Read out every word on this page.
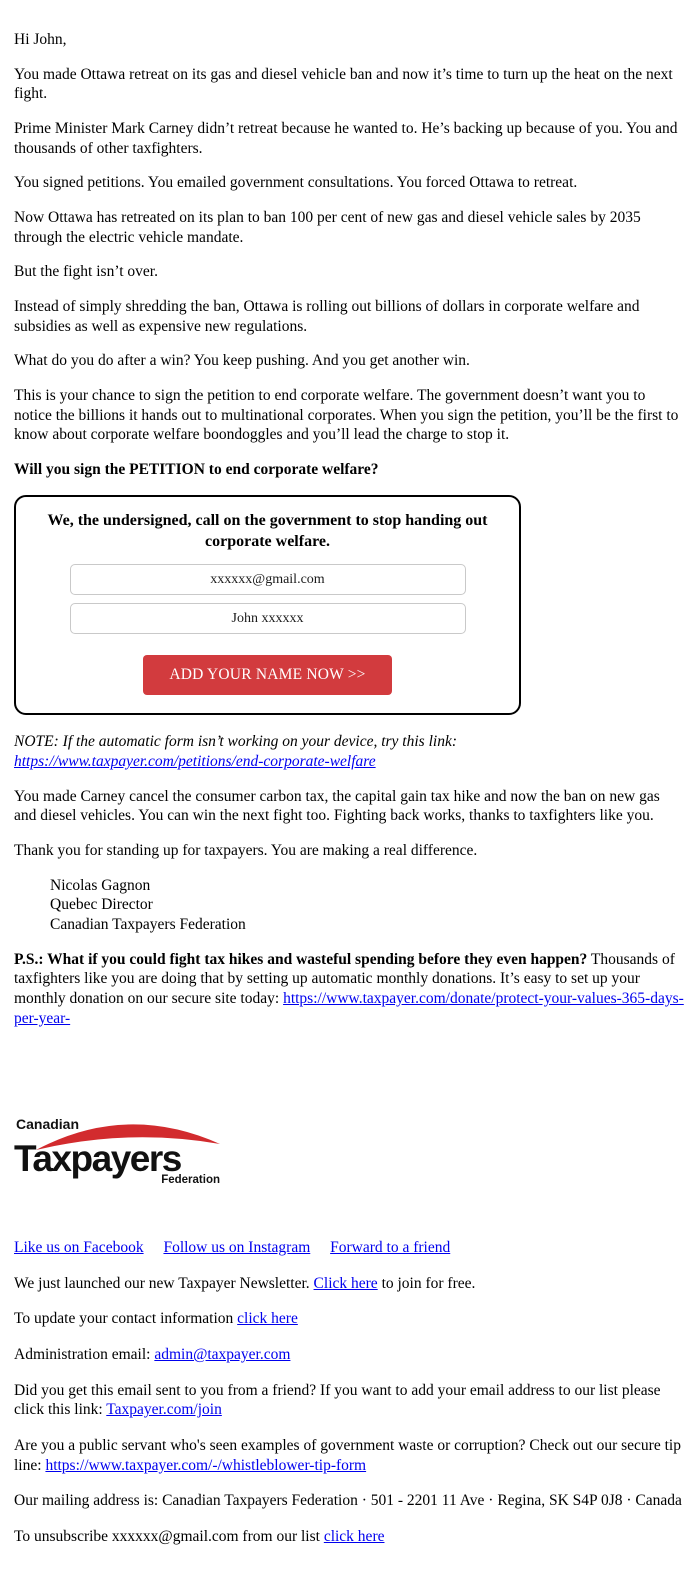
Hi John,

You made Ottawa retreat on its gas and diesel vehicle ban and now it’s time to turn up the heat on the next fight.

Prime Minister Mark Carney didn’t retreat because he wanted to. He’s backing up because of you. You and thousands of other taxfighters.

You signed petitions. You emailed government consultations. You forced Ottawa to retreat.

Now Ottawa has retreated on its plan to ban 100 per cent of new gas and diesel vehicle sales by 2035 through the electric vehicle mandate.

But the fight isn’t over.

Instead of simply shredding the ban, Ottawa is rolling out billions of dollars in corporate welfare and subsidies as well as expensive new regulations.

What do you do after a win? You keep pushing. And you get another win.

This is your chance to sign the petition to end corporate welfare. The government doesn’t want you to notice the billions it hands out to multinational corporates. When you sign the petition, you’ll be the first to know about corporate welfare boondoggles and you’ll lead the charge to stop it.

Will you sign the PETITION to end corporate welfare?

We, the undersigned, call on the government to stop handing out corporate welfare.
xxxxxx@gmail.com
John xxxxxx ADD YOUR NAME NOW >>

NOTE: If the automatic form isn’t working on your device, try this link: https://www.taxpayer.com/petitions/end-corporate-welfare

You made Carney cancel the consumer carbon tax, the capital gain tax hike and now the ban on new gas and diesel vehicles. You can win the next fight too. Fighting back works, thanks to taxfighters like you.

Thank you for standing up for taxpayers. You are making a real difference.

Nicolas Gagnon
Quebec Director
Canadian Taxpayers Federation

P.S.: What if you could fight tax hikes and wasteful spending before they even happen? Thousands of taxfighters like you are doing that by setting up automatic monthly donations. It’s easy to set up your monthly donation on our secure site today: https://www.taxpayer.com/donate/protect-your-values-365-days-per-year-

Canadian
Taxpayers
Federation

Like us on Facebook Follow us on Instagram Forward to a friend

We just launched our new Taxpayer Newsletter. Click here to join for free.

To update your contact information click here

Administration email: admin@taxpayer.com

Did you get this email sent to you from a friend? If you want to add your email address to our list please click this link: Taxpayer.com/join

Are you a public servant who's seen examples of government waste or corruption? Check out our secure tip line: https://www.taxpayer.com/-/whistleblower-tip-form

Our mailing address is: Canadian Taxpayers Federation · 501 - 2201 11 Ave · Regina, SK S4P 0J8 · Canada

To unsubscribe xxxxxx@gmail.com from our list click here
